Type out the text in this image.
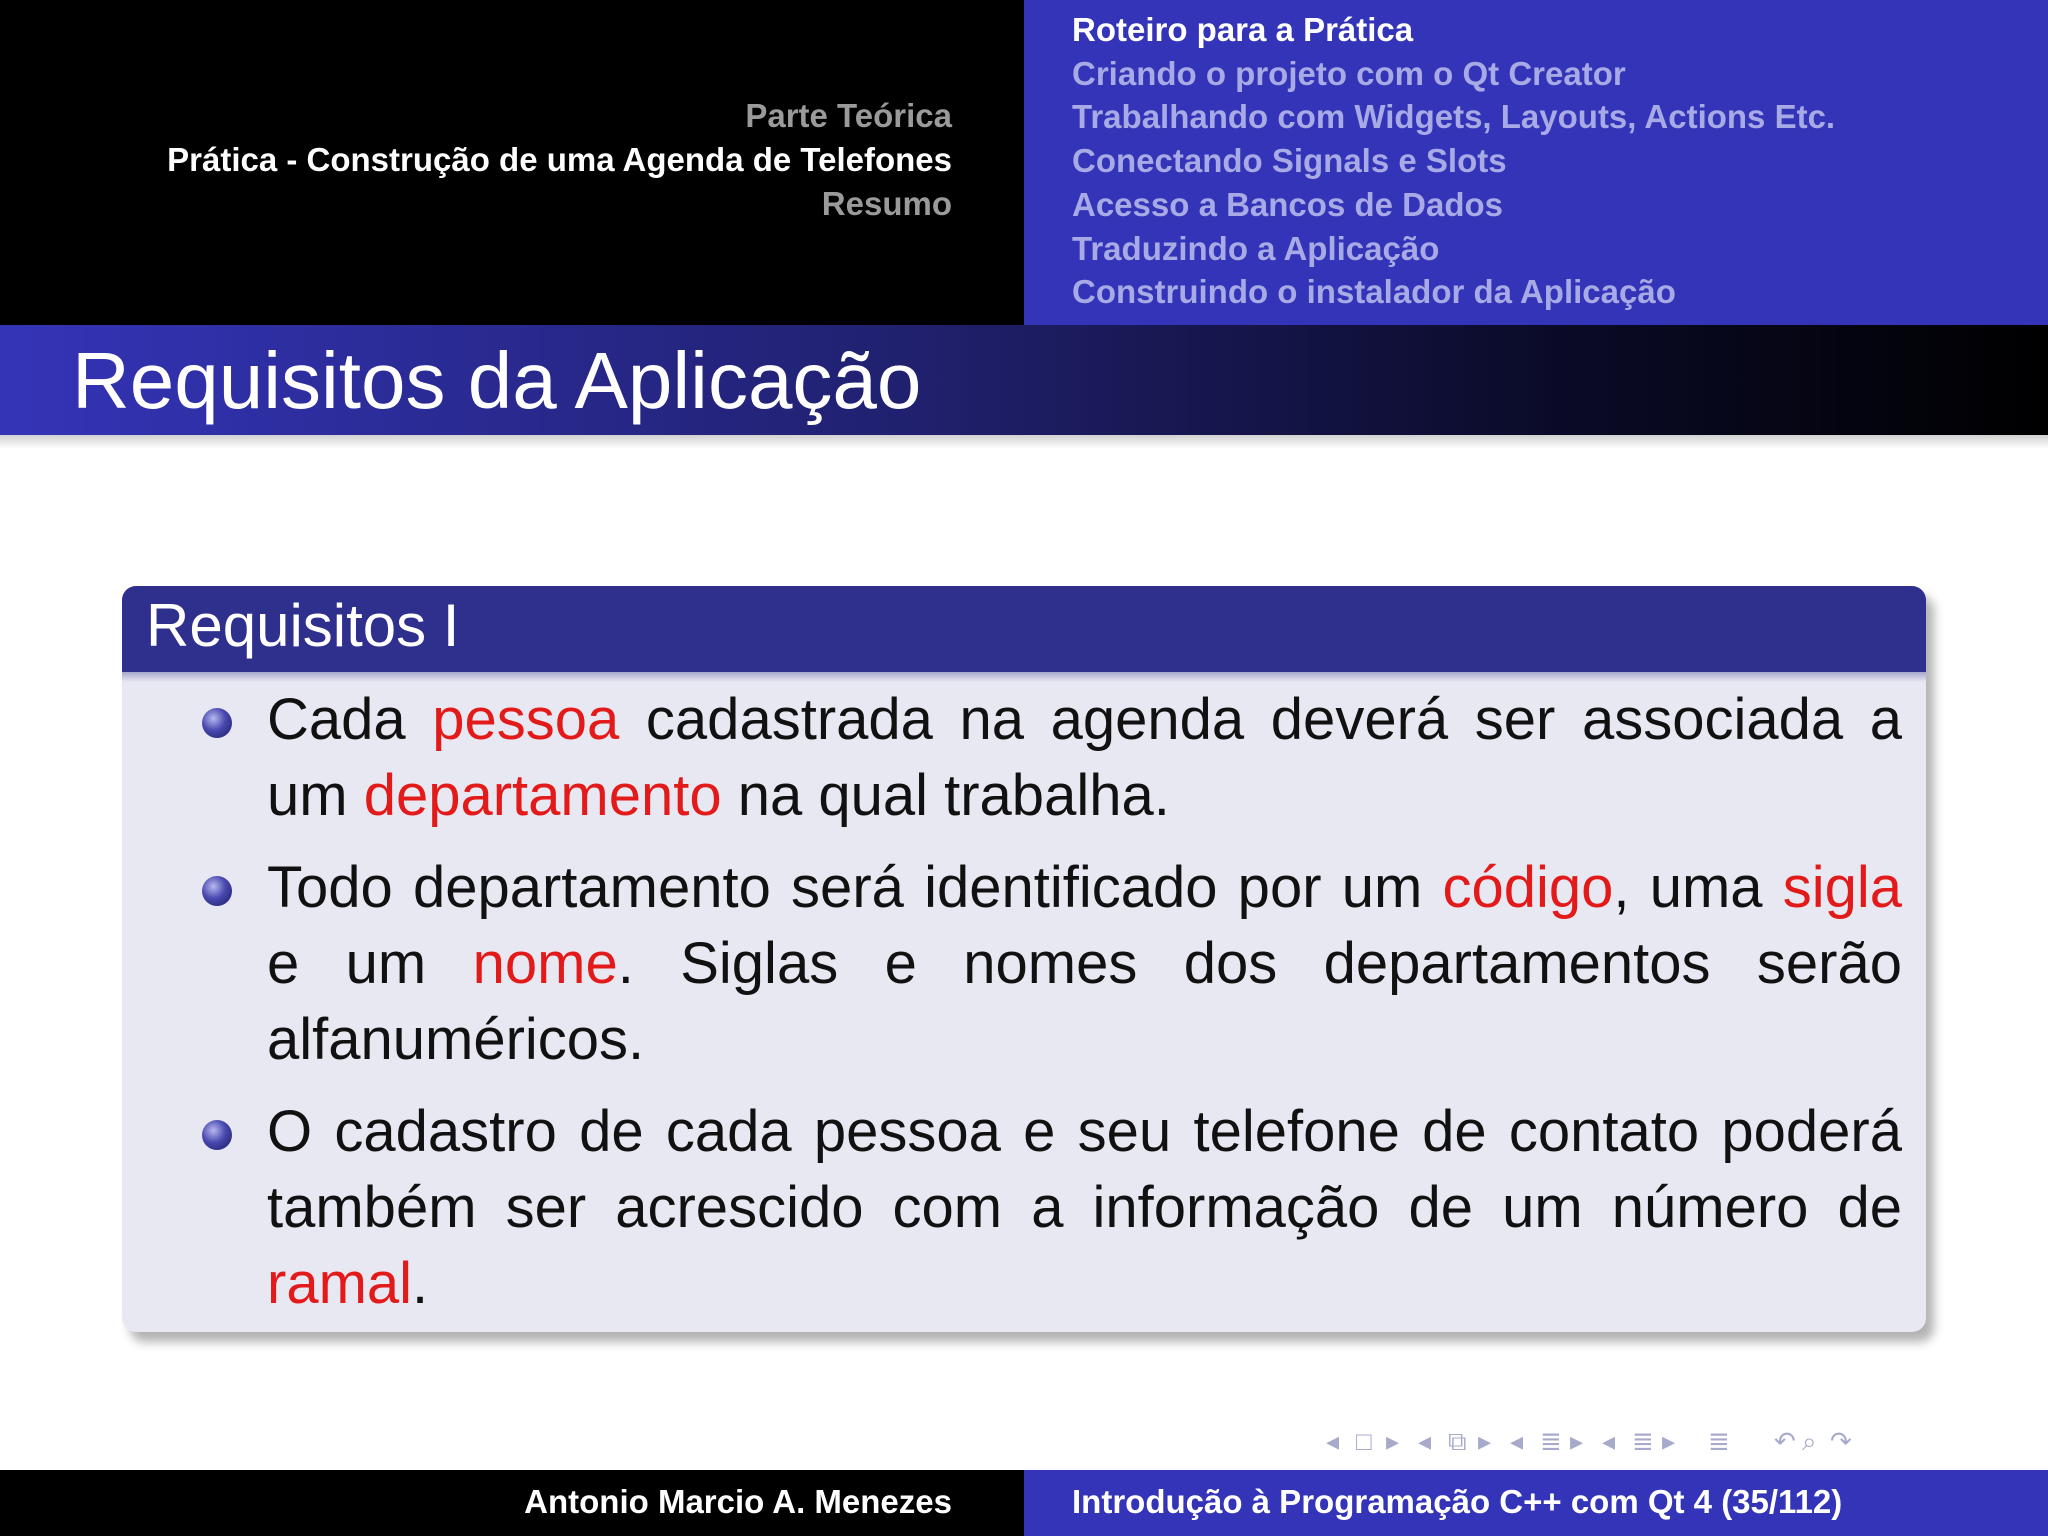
Parte Teórica
Prática - Construção de uma Agenda de Telefones
Resumo
Roteiro para a Prática
Criando o projeto com o Qt Creator
Trabalhando com Widgets, Layouts, Actions Etc.
Conectando Signals e Slots
Acesso a Bancos de Dados
Traduzindo a Aplicação
Construindo o instalador da Aplicação
Requisitos da Aplicação
Requisitos I
Cada pessoa cadastrada na agenda deverá ser associada a um departamento na qual trabalha.
Todo departamento será identificado por um código, uma sigla e um nome. Siglas e nomes dos departamentos serão alfanuméricos.
O cadastro de cada pessoa e seu telefone de contato poderá também ser acrescido com a informação de um número de ramal.
◂ □ ▸ ◂ ⧉ ▸ ◂ ≣ ▸ ◂ ≣ ▸ ≣ ↶ ⌕ ↷
Antonio Marcio A. Menezes	Introdução à Programação C++ com Qt 4 (35/112)
